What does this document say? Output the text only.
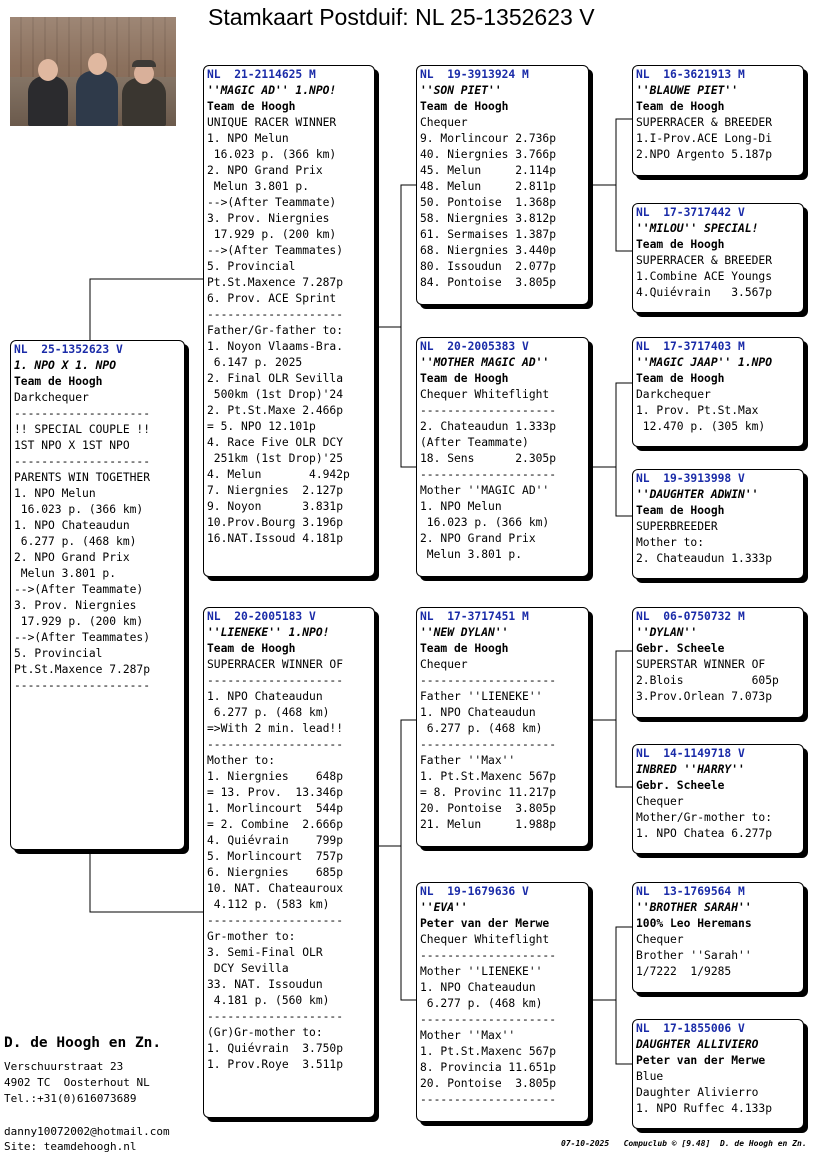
Stamkaart Postduif: NL 25-1352623 V
NL  25-1352623 V
1. NPO X 1. NPO
Team de Hoogh
Darkchequer
--------------------
!! SPECIAL COUPLE !!
1ST NPO X 1ST NPO
--------------------
PARENTS WIN TOGETHER
1. NPO Melun
16.023 p. (366 km)
1. NPO Chateaudun
6.277 p. (468 km)
2. NPO Grand Prix
Melun 3.801 p.
-->(After Teammate)
3. Prov. Niergnies
17.929 p. (200 km)
-->(After Teammates)
5. Provincial
Pt.St.Maxence 7.287p
--------------------
NL  21-2114625 M
''MAGIC AD'' 1.NPO!
Team de Hoogh
UNIQUE RACER WINNER
1. NPO Melun
16.023 p. (366 km)
2. NPO Grand Prix
Melun 3.801 p.
-->(After Teammate)
3. Prov. Niergnies
17.929 p. (200 km)
-->(After Teammates)
5. Provincial
Pt.St.Maxence 7.287p
6. Prov. ACE Sprint
--------------------
Father/Gr-father to:
1. Noyon Vlaams-Bra.
6.147 p. 2025
2. Final OLR Sevilla
500km (1st Drop)'24
2. Pt.St.Maxe 2.466p
= 5. NPO 12.101p
4. Race Five OLR DCY
251km (1st Drop)'25
4. Melun       4.942p
7. Niergnies  2.127p
9. Noyon      3.831p
10.Prov.Bourg 3.196p
16.NAT.Issoud 4.181p
NL  20-2005183 V
''LIENEKE'' 1.NPO!
Team de Hoogh
SUPERRACER WINNER OF
--------------------
1. NPO Chateaudun
6.277 p. (468 km)
=>With 2 min. lead!!
--------------------
Mother to:
1. Niergnies    648p
= 13. Prov.  13.346p
1. Morlincourt  544p
= 2. Combine  2.666p
4. Quiévrain    799p
5. Morlincourt  757p
6. Niergnies    685p
10. NAT. Chateauroux
4.112 p. (583 km)
--------------------
Gr-mother to:
3. Semi-Final OLR
DCY Sevilla
33. NAT. Issoudun
4.181 p. (560 km)
--------------------
(Gr)Gr-mother to:
1. Quiévrain  3.750p
1. Prov.Roye  3.511p
NL  19-3913924 M
''SON PIET''
Team de Hoogh
Chequer
9. Morlincour 2.736p
40. Niergnies 3.766p
45. Melun     2.114p
48. Melun     2.811p
50. Pontoise  1.368p
58. Niergnies 3.812p
61. Sermaises 1.387p
68. Niergnies 3.440p
80. Issoudun  2.077p
84. Pontoise  3.805p
NL  20-2005383 V
''MOTHER MAGIC AD''
Team de Hoogh
Chequer Whiteflight
--------------------
2. Chateaudun 1.333p
(After Teammate)
18. Sens      2.305p
--------------------
Mother ''MAGIC AD''
1. NPO Melun
16.023 p. (366 km)
2. NPO Grand Prix
Melun 3.801 p.
NL  17-3717451 M
''NEW DYLAN''
Team de Hoogh
Chequer
--------------------
Father ''LIENEKE''
1. NPO Chateaudun
6.277 p. (468 km)
--------------------
Father ''Max''
1. Pt.St.Maxenc 567p
= 8. Provinc 11.217p
20. Pontoise  3.805p
21. Melun     1.988p
NL  19-1679636 V
''EVA''
Peter van der Merwe
Chequer Whiteflight
--------------------
Mother ''LIENEKE''
1. NPO Chateaudun
6.277 p. (468 km)
--------------------
Mother ''Max''
1. Pt.St.Maxenc 567p
8. Provincia 11.651p
20. Pontoise  3.805p
--------------------
NL  16-3621913 M
''BLAUWE PIET''
Team de Hoogh
SUPERRACER & BREEDER
1.I-Prov.ACE Long-Di
2.NPO Argento 5.187p
NL  17-3717442 V
''MILOU'' SPECIAL!
Team de Hoogh
SUPERRACER & BREEDER
1.Combine ACE Youngs
4.Quiévrain   3.567p
NL  17-3717403 M
''MAGIC JAAP'' 1.NPO
Team de Hoogh
Darkchequer
1. Prov. Pt.St.Max
12.470 p. (305 km)
NL  19-3913998 V
''DAUGHTER ADWIN''
Team de Hoogh
SUPERBREEDER
Mother to:
2. Chateaudun 1.333p
NL  06-0750732 M
''DYLAN''
Gebr. Scheele
SUPERSTAR WINNER OF
2.Blois          605p
3.Prov.Orlean 7.073p
NL  14-1149718 V
INBRED ''HARRY''
Gebr. Scheele
Chequer
Mother/Gr-mother to:
1. NPO Chatea 6.277p
NL  13-1769564 M
''BROTHER SARAH''
100% Leo Heremans
Chequer
Brother ''Sarah''
1/7222  1/9285
NL  17-1855006 V
DAUGHTER ALLIVIERO
Peter van der Merwe
Blue
Daughter Alivierro
1. NPO Ruffec 4.133p
D. de Hoogh en Zn.
Verschuurstraat 23
4902 TC  Oosterhout NL
Tel.:+31(0)616073689
danny10072002@hotmail.com
Site: teamdehoogh.nl	07-10-2025   Compuclub © [9.48]  D. de Hoogh en Zn.
